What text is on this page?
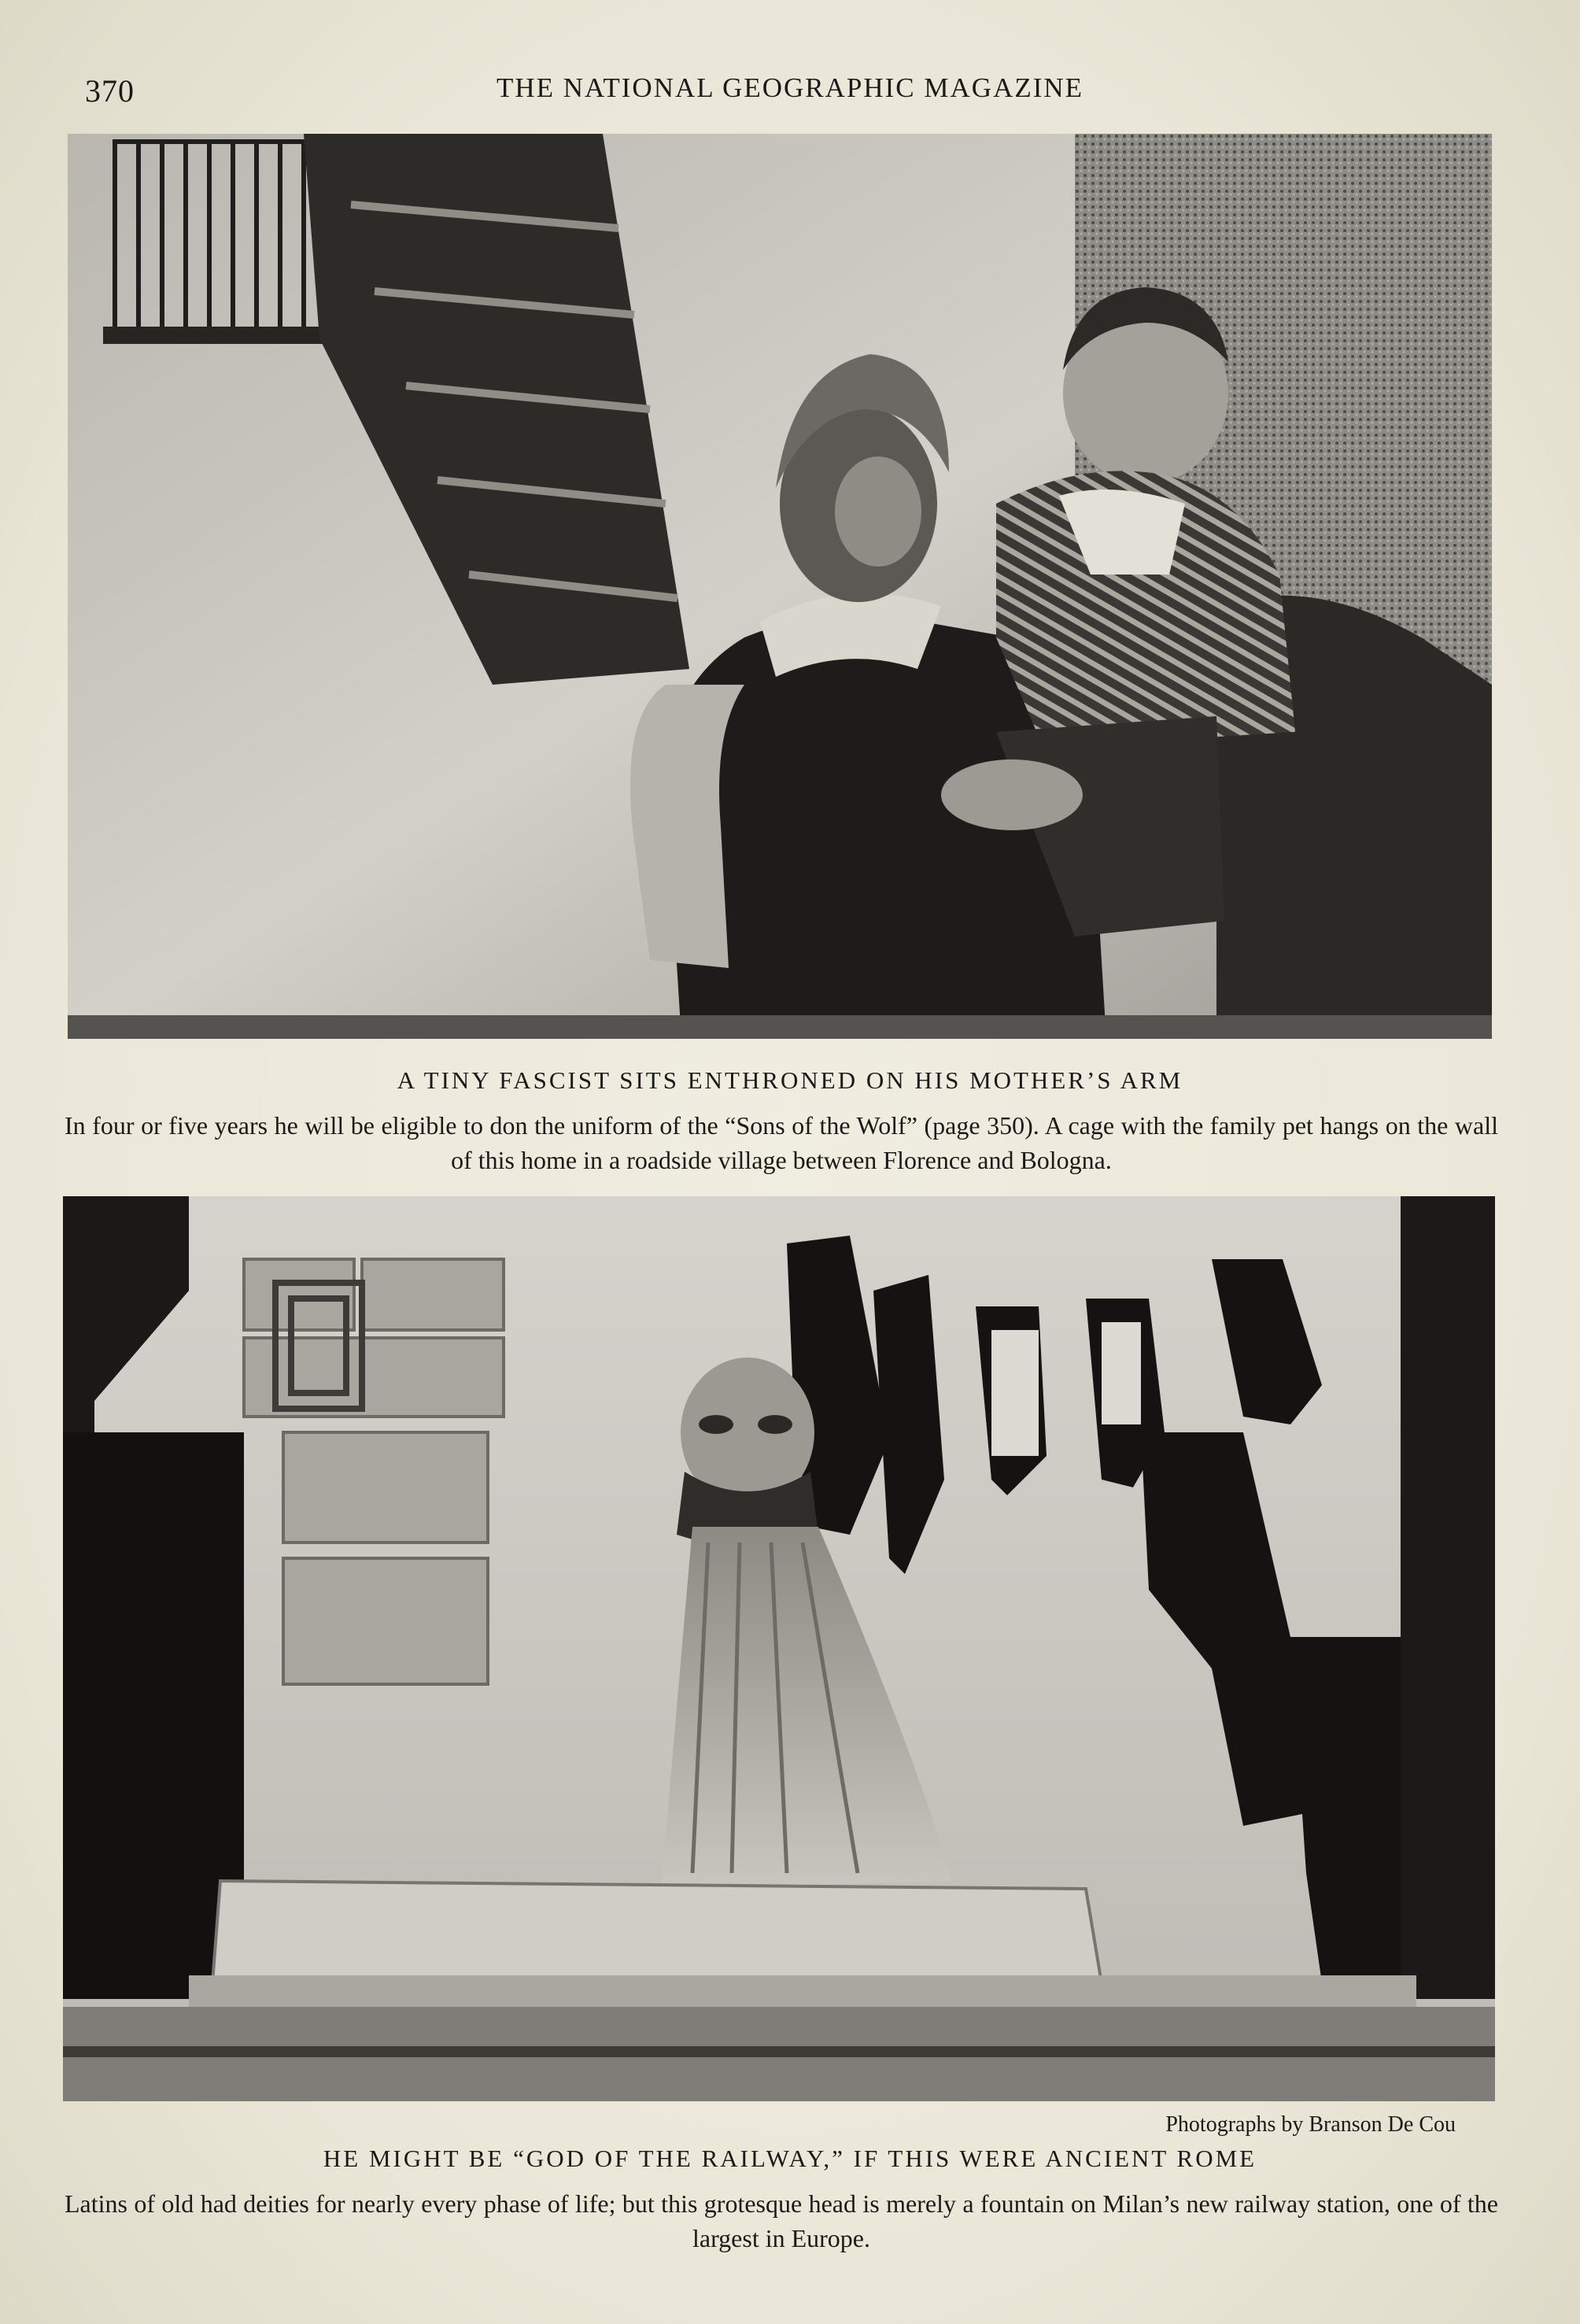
370	THE NATIONAL GEOGRAPHIC MAGAZINE
A TINY FASCIST SITS ENTHRONED ON HIS MOTHER’S ARM
In four or five years he will be eligible to don the uniform of the “Sons of the Wolf” (page 350). A cage with the family pet hangs on the wall of this home in a roadside village between Florence and Bologna.
Photographs by Branson De Cou
HE MIGHT BE “GOD OF THE RAILWAY,” IF THIS WERE ANCIENT ROME
Latins of old had deities for nearly every phase of life; but this grotesque head is merely a fountain on Milan’s new railway station, one of the largest in Europe.
